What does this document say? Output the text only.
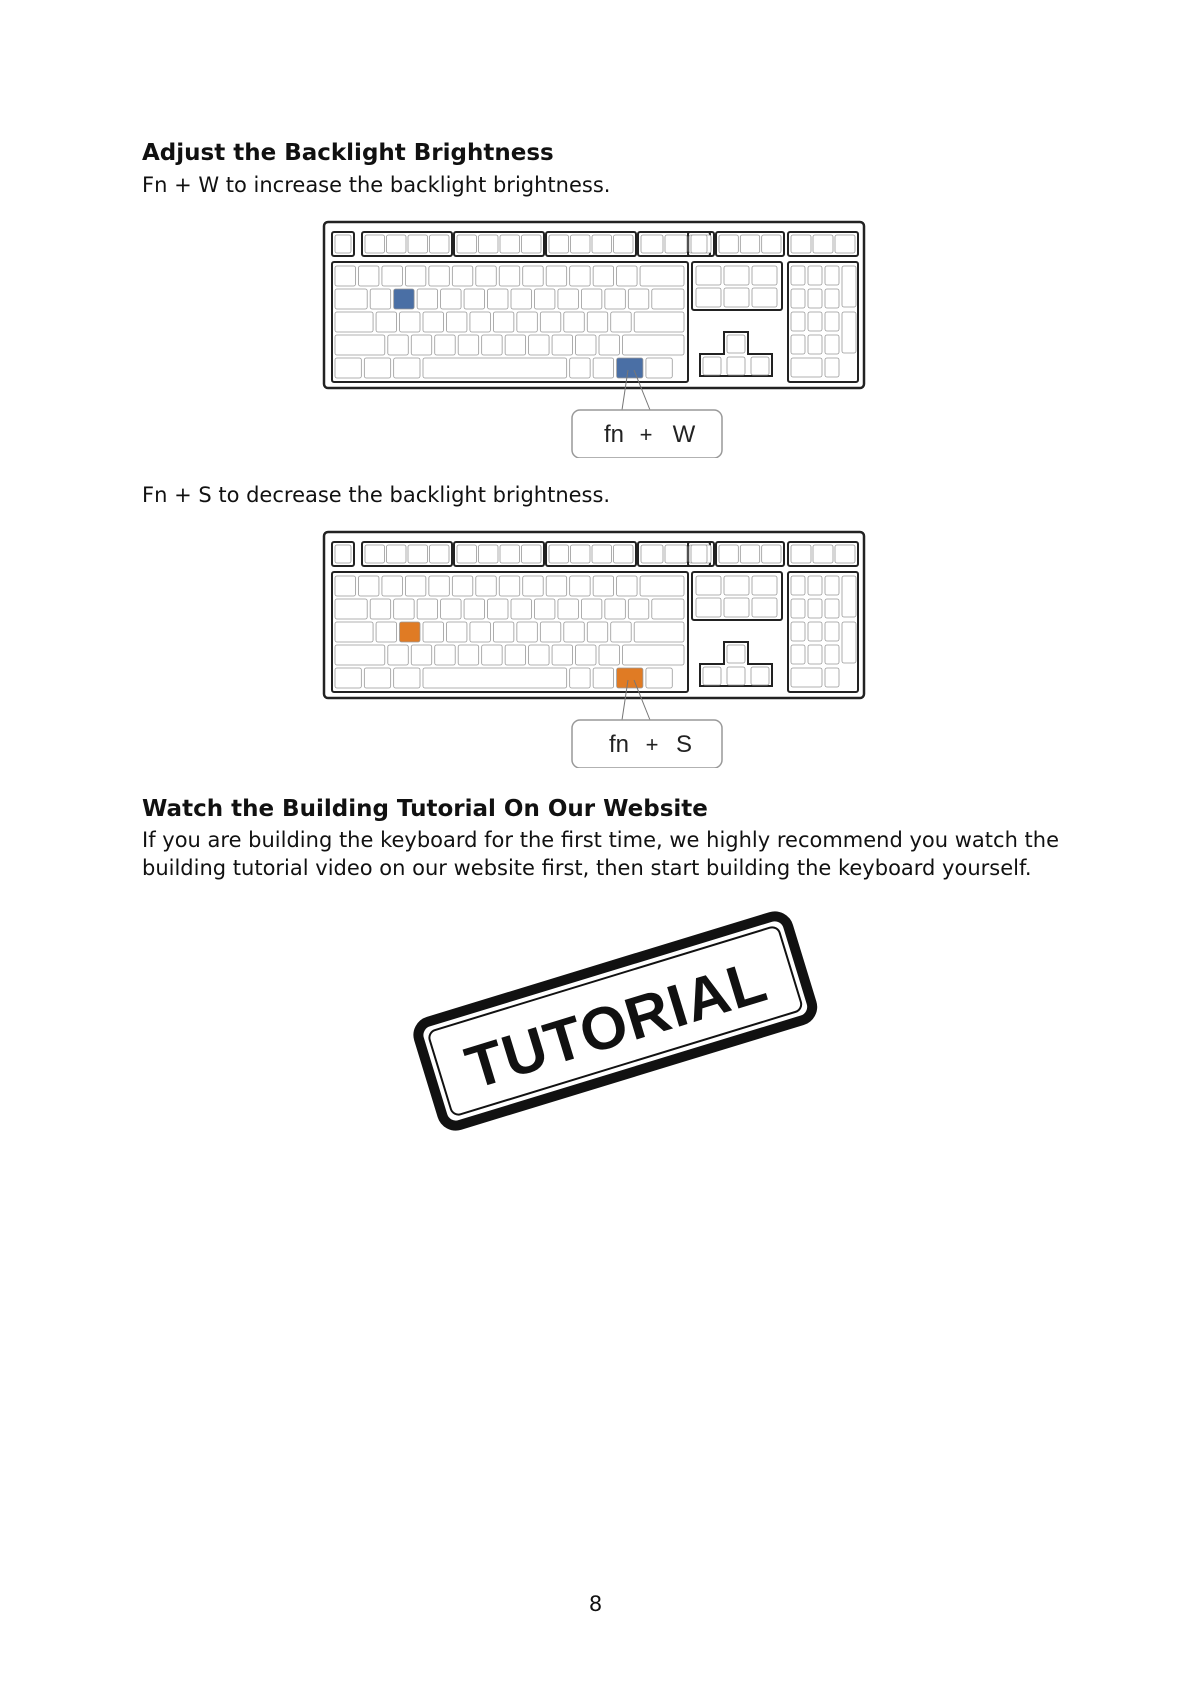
Adjust the Backlight Brightness

Fn + W to increase the backlight brightness.

fn + W

Fn + S to decrease the backlight brightness.

fn + S
Watch the Building Tutorial On Our Website

If you are building the keyboard for the first time, we highly recommend you watch the

building tutorial video on our website first, then start building the keyboard yourself.

TUTORIAL
8
